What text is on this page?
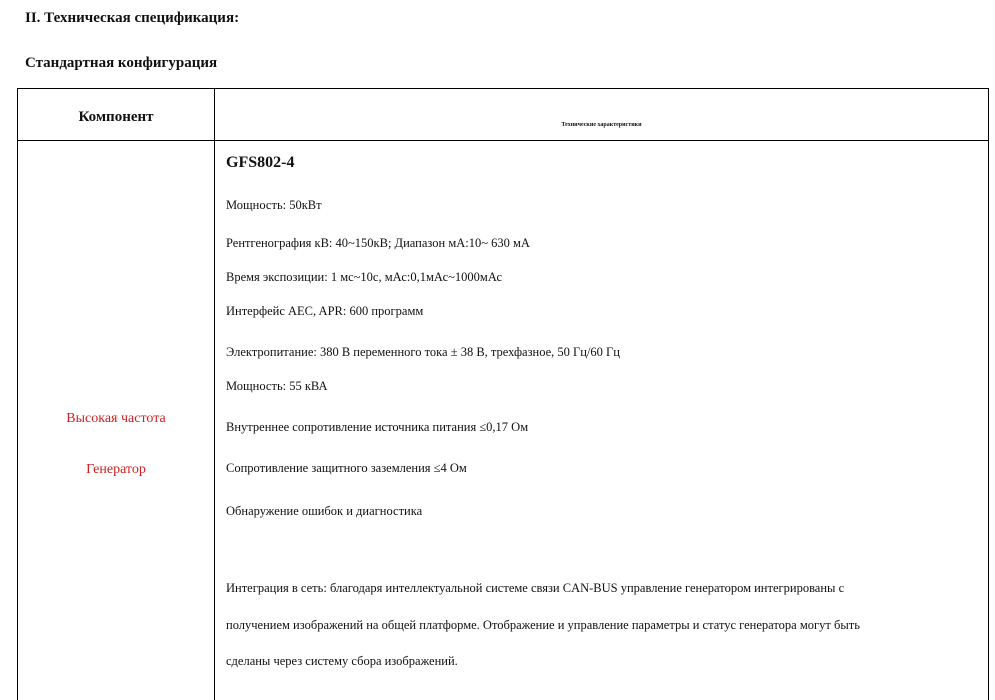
II. Техническая спецификация:
Стандартная конфигурация
Компонент	Технические характеристики
Высокая частота
Генератор
GFS802-4
Мощность: 50кВт
Рентгенография кВ: 40~150кВ; Диапазон мА:10~ 630 мА
Время экспозиции: 1 мс~10с, мАс:0,1мАс~1000мАс
Интерфейс AEC, APR: 600 программ
Электропитание: 380 В переменного тока ± 38 В, трехфазное, 50 Гц/60 Гц
Мощность: 55 кВА
Внутреннее сопротивление источника питания ≤0,17 Ом
Сопротивление защитного заземления ≤4 Ом
Обнаружение ошибок и диагностика
Интеграция в сеть: благодаря интеллектуальной системе связи CAN-BUS управление генератором интегрированы с
получением изображений на общей платформе. Отображение и управление параметры и статус генератора могут быть
сделаны через систему сбора изображений.
